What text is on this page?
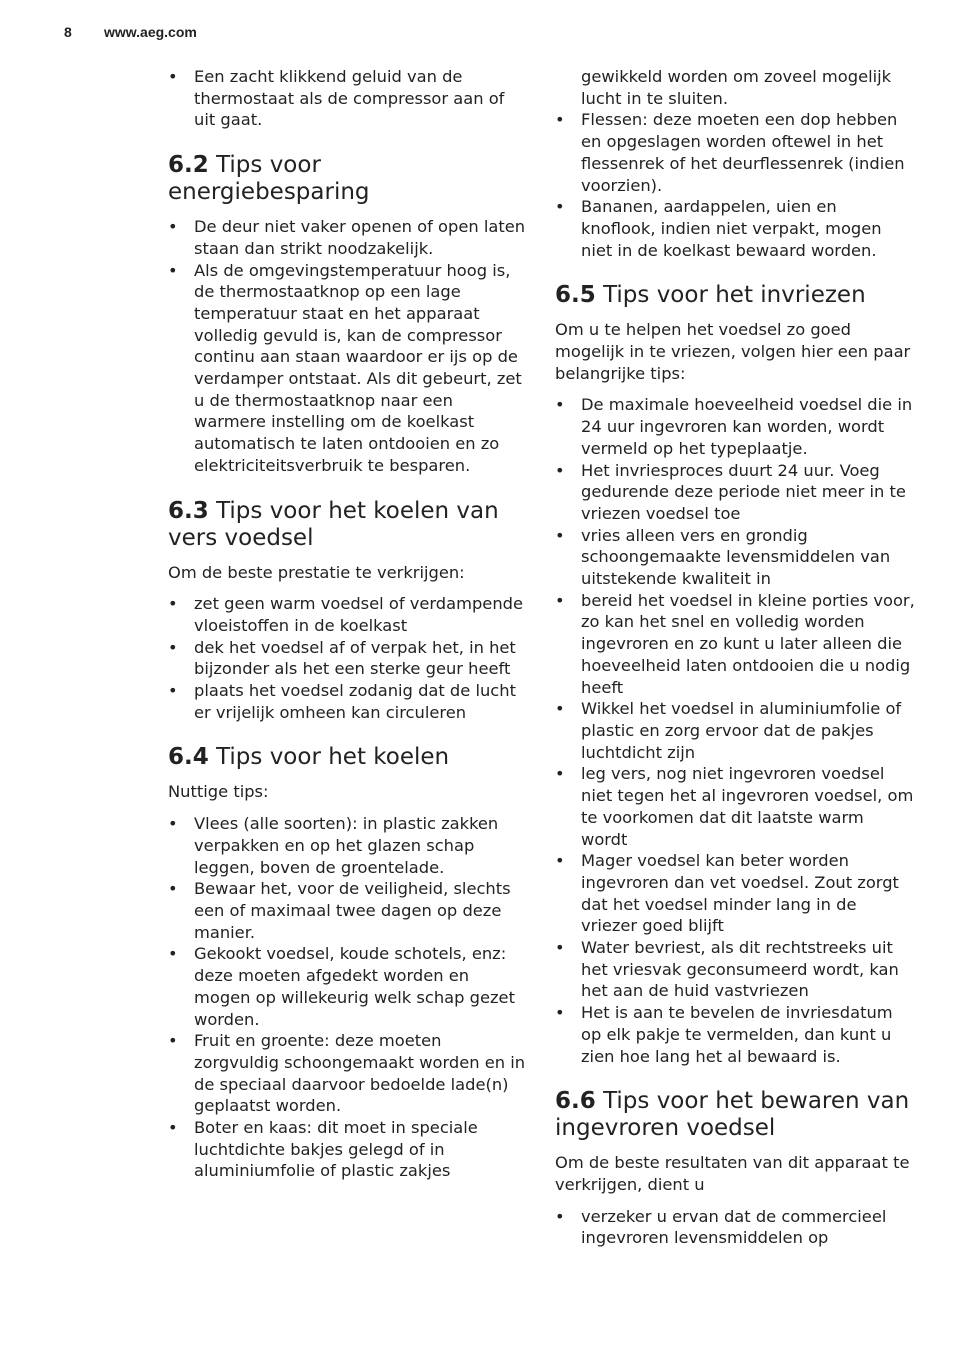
8 www.aeg.com
• Een zacht klikkend geluid van de thermostaat als de compressor aan of uit gaat.
6.2 Tips voor energiebesparing
• De deur niet vaker openen of open laten staan dan strikt noodzakelijk.
• Als de omgevingstemperatuur hoog is, de thermostaatknop op een lage temperatuur staat en het apparaat volledig gevuld is, kan de compressor continu aan staan waardoor er ijs op de verdamper ontstaat. Als dit gebeurt, zet u de thermostaatknop naar een warmere instelling om de koelkast automatisch te laten ontdooien en zo elektriciteitsverbruik te besparen.
6.3 Tips voor het koelen van vers voedsel

Om de beste prestatie te verkrijgen:

• zet geen warm voedsel of verdampende vloeistoffen in de koelkast
• dek het voedsel af of verpak het, in het bijzonder als het een sterke geur heeft
• plaats het voedsel zodanig dat de lucht er vrijelijk omheen kan circuleren
6.4 Tips voor het koelen

Nuttige tips:

• Vlees (alle soorten): in plastic zakken verpakken en op het glazen schap leggen, boven de groentelade.
• Bewaar het, voor de veiligheid, slechts een of maximaal twee dagen op deze manier.
• Gekookt voedsel, koude schotels, enz: deze moeten afgedekt worden en mogen op willekeurig welk schap gezet worden.
• Fruit en groente: deze moeten zorgvuldig schoongemaakt worden en in de speciaal daarvoor bedoelde lade(n) geplaatst worden.
• Boter en kaas: dit moet in speciale luchtdichte bakjes gelegd of in aluminiumfolie of plastic zakjes
gewikkeld worden om zoveel mogelijk lucht in te sluiten.
• Flessen: deze moeten een dop hebben en opgeslagen worden oftewel in het flessenrek of het deurflessenrek (indien voorzien).
• Bananen, aardappelen, uien en knoflook, indien niet verpakt, mogen niet in de koelkast bewaard worden.
6.5 Tips voor het invriezen

Om u te helpen het voedsel zo goed mogelijk in te vriezen, volgen hier een paar belangrijke tips:

• De maximale hoeveelheid voedsel die in 24 uur ingevroren kan worden, wordt vermeld op het typeplaatje.
• Het invriesproces duurt 24 uur. Voeg gedurende deze periode niet meer in te vriezen voedsel toe
• vries alleen vers en grondig schoongemaakte levensmiddelen van uitstekende kwaliteit in
• bereid het voedsel in kleine porties voor, zo kan het snel en volledig worden ingevroren en zo kunt u later alleen die hoeveelheid laten ontdooien die u nodig heeft
• Wikkel het voedsel in aluminiumfolie of plastic en zorg ervoor dat de pakjes luchtdicht zijn
• leg vers, nog niet ingevroren voedsel niet tegen het al ingevroren voedsel, om te voorkomen dat dit laatste warm wordt
• Mager voedsel kan beter worden ingevroren dan vet voedsel. Zout zorgt dat het voedsel minder lang in de vriezer goed blijft
• Water bevriest, als dit rechtstreeks uit het vriesvak geconsumeerd wordt, kan het aan de huid vastvriezen
• Het is aan te bevelen de invriesdatum op elk pakje te vermelden, dan kunt u zien hoe lang het al bewaard is.
6.6 Tips voor het bewaren van ingevroren voedsel

Om de beste resultaten van dit apparaat te verkrijgen, dient u

• verzeker u ervan dat de commercieel ingevroren levensmiddelen op
